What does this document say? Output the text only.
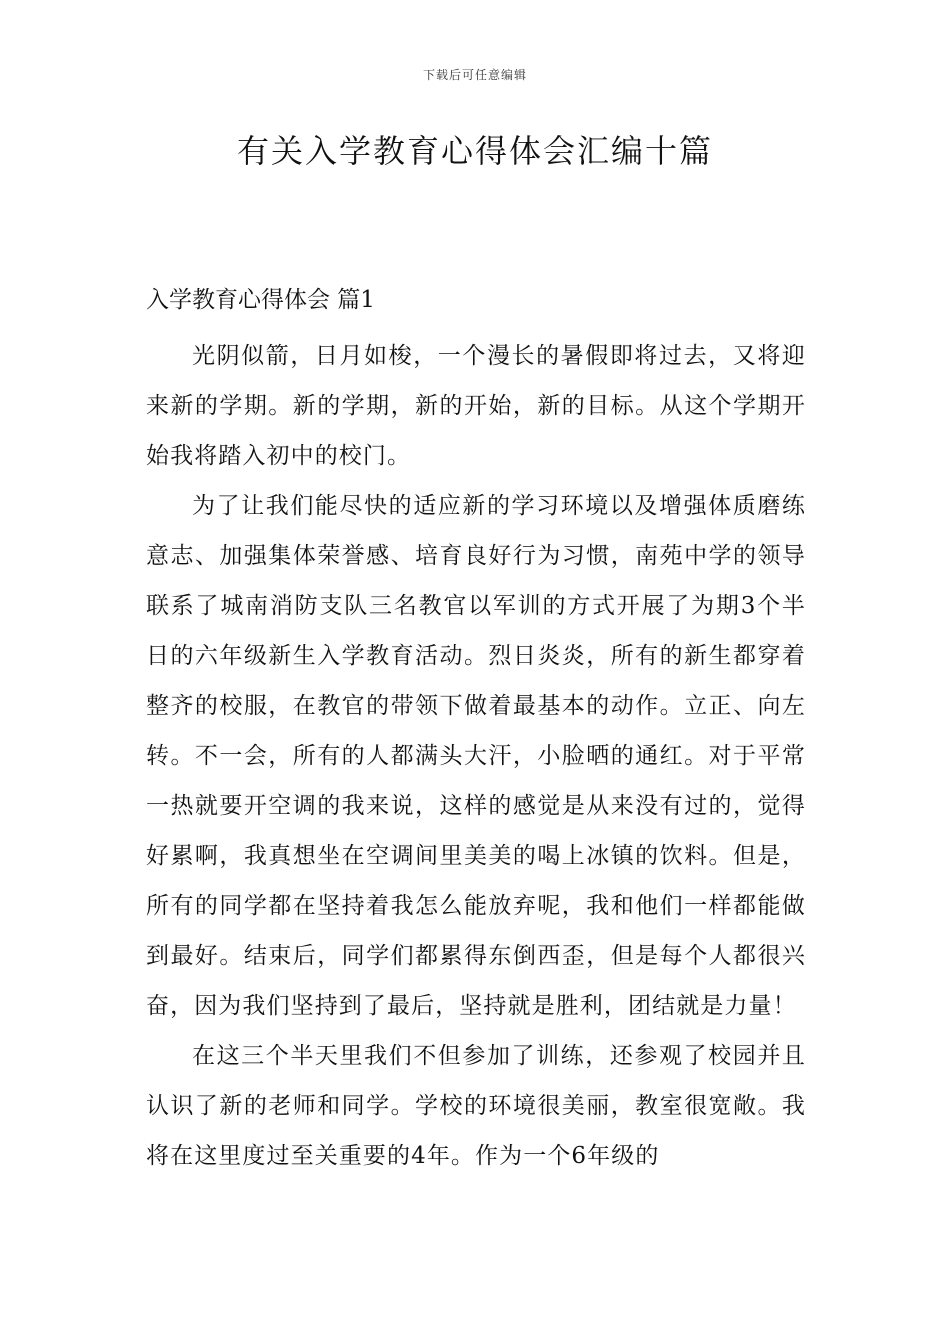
下载后可任意编辑
有关入学教育心得体会汇编十篇
入学教育心得体会 篇1

光阴似箭，日月如梭，一个漫长的暑假即将过去，又将迎来新的学期。新的学期，新的开始，新的目标。从这个学期开始我将踏入初中的校门。

为了让我们能尽快的适应新的学习环境以及增强体质磨练意志、加强集体荣誉感、培育良好行为习惯，南苑中学的领导联系了城南消防支队三名教官以军训的方式开展了为期3个半日的六年级新生入学教育活动。烈日炎炎，所有的新生都穿着整齐的校服，在教官的带领下做着最基本的动作。立正、向左转。不一会，所有的人都满头大汗，小脸晒的通红。对于平常一热就要开空调的我来说，这样的感觉是从来没有过的，觉得好累啊，我真想坐在空调间里美美的喝上冰镇的饮料。但是，所有的同学都在坚持着我怎么能放弃呢，我和他们一样都能做到最好。结束后，同学们都累得东倒西歪，但是每个人都很兴奋，因为我们坚持到了最后，坚持就是胜利，团结就是力量！

在这三个半天里我们不但参加了训练，还参观了校园并且认识了新的老师和同学。学校的环境很美丽，教室很宽敞。我将在这里度过至关重要的4年。作为一个6年级的
